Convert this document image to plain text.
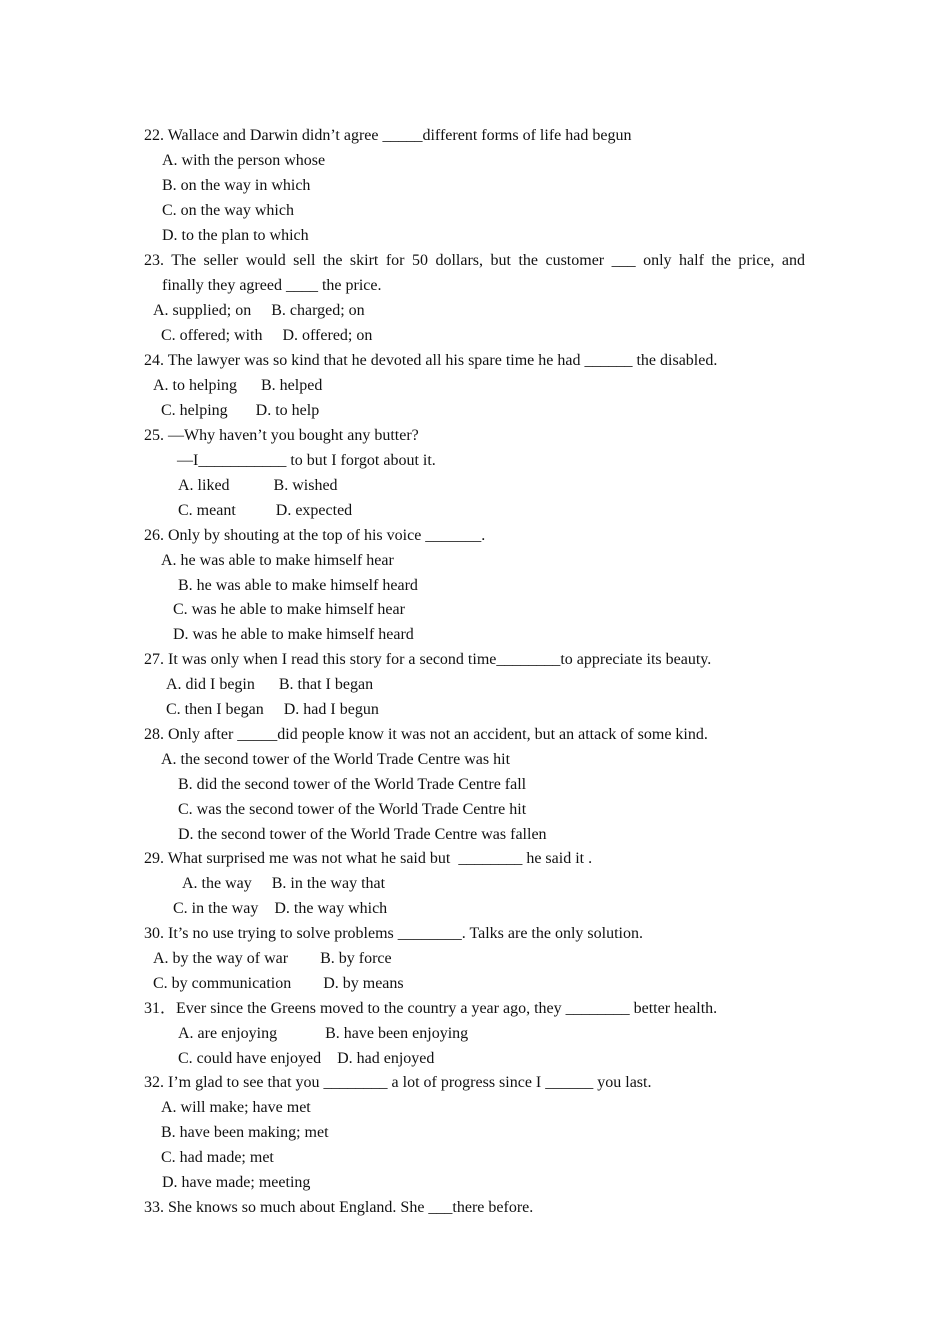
22. Wallace and Darwin didn’t agree _____different forms of life had begun
A. with the person whose
B. on the way in which
C. on the way which
D. to the plan to which
23. The seller would sell the skirt for 50 dollars, but the customer ___ only half the price, and
finally they agreed ____ the price.
A. supplied; on     B. charged; on
C. offered; with     D. offered; on
24. The lawyer was so kind that he devoted all his spare time he had ______ the disabled.
A. to helping      B. helped
C. helping       D. to help
25. —Why haven’t you bought any butter?
—I___________ to but I forgot about it.
A. liked           B. wished
C. meant          D. expected
26. Only by shouting at the top of his voice _______.
A. he was able to make himself hear
B. he was able to make himself heard
C. was he able to make himself hear
D. was he able to make himself heard
27. It was only when I read this story for a second time________to appreciate its beauty.
A. did I begin      B. that I began
C. then I began     D. had I begun
28. Only after _____did people know it was not an accident, but an attack of some kind.
A. the second tower of the World Trade Centre was hit
B. did the second tower of the World Trade Centre fall
C. was the second tower of the World Trade Centre hit
D. the second tower of the World Trade Centre was fallen
29. What surprised me was not what he said but  ________ he said it .
A. the way     B. in the way that
C. in the way    D. the way which
30. It’s no use trying to solve problems ________. Talks are the only solution.
A. by the way of war        B. by force
C. by communication        D. by means
31．Ever since the Greens moved to the country a year ago, they ________ better health.
A. are enjoying            B. have been enjoying
C. could have enjoyed    D. had enjoyed
32. I’m glad to see that you ________ a lot of progress since I ______ you last.
A. will make; have met
B. have been making; met
C. had made; met
D. have made; meeting
33. She knows so much about England. She ___there before.
